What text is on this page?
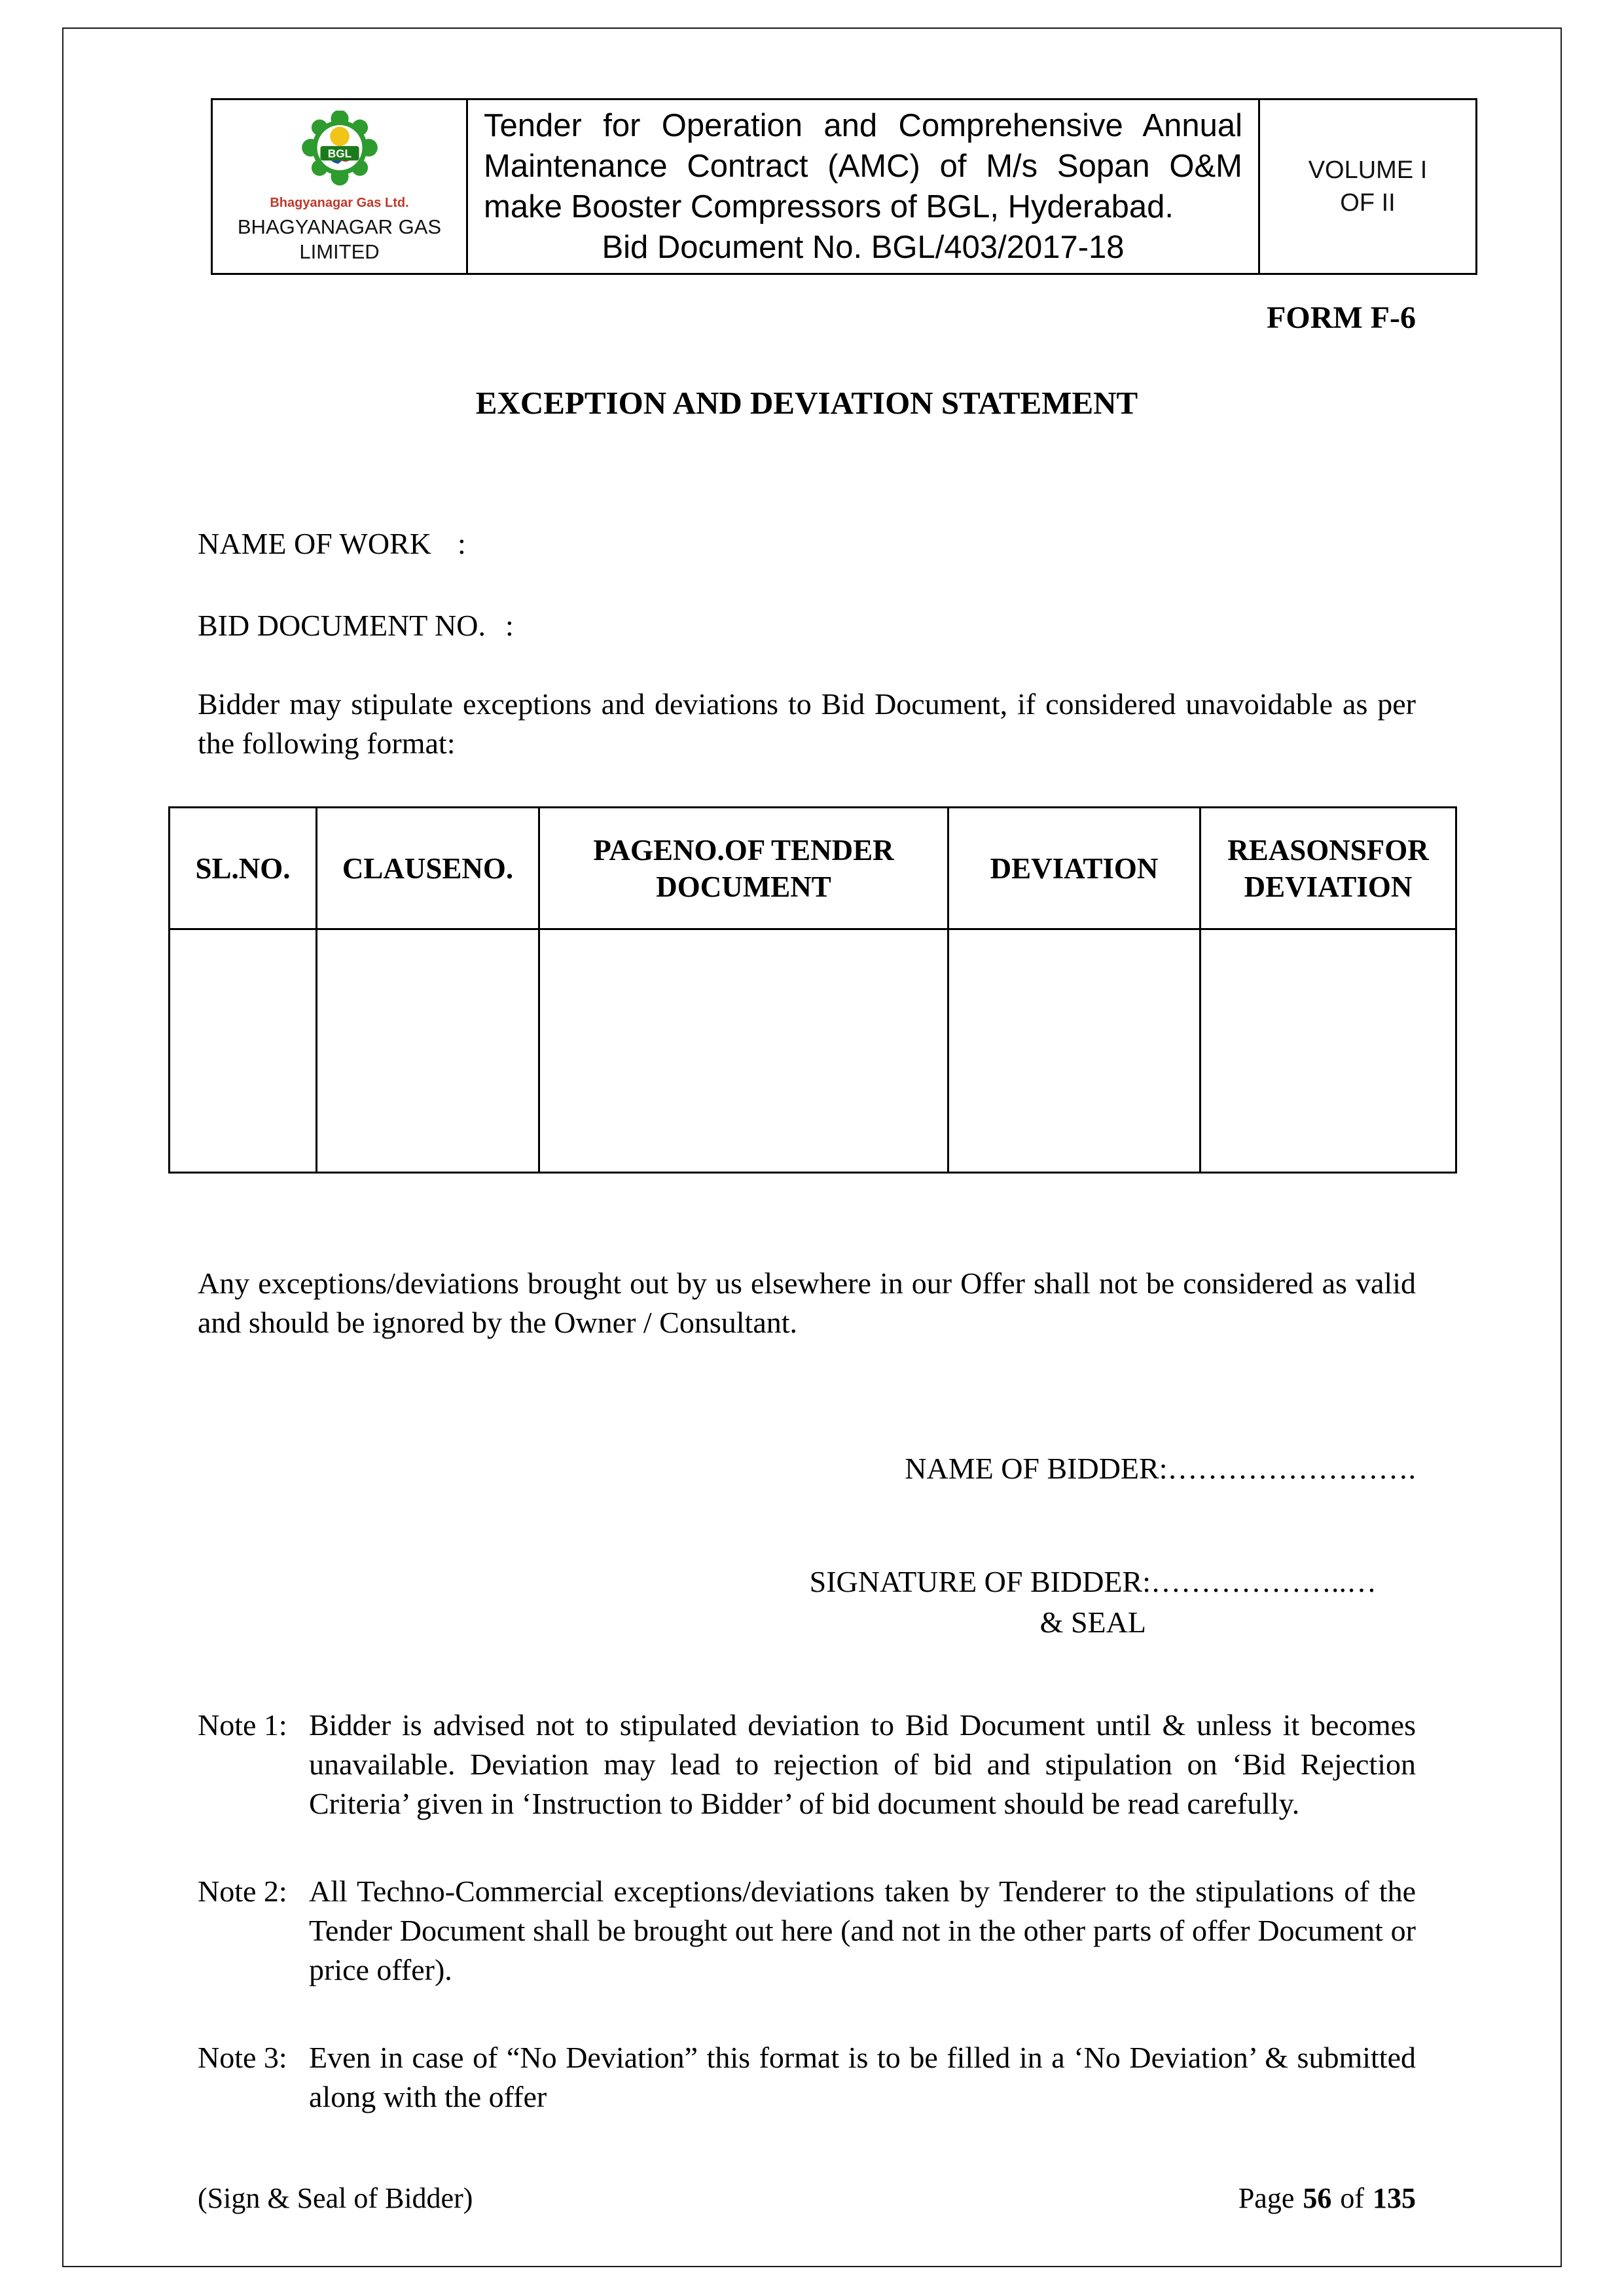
BGL
Bhagyanagar Gas Ltd.
BHAGYANAGAR GAS LIMITED

Tender for Operation and Comprehensive Annual Maintenance Contract (AMC) of M/s Sopan O&M make Booster Compressors of BGL, Hyderabad.
Bid Document No. BGL/403/2017-18

VOLUME I
OF II
FORM F-6
EXCEPTION AND DEVIATION STATEMENT
NAME OF WORK :
BID DOCUMENT NO. :
Bidder may stipulate exceptions and deviations to Bid Document, if considered unavoidable as per the following format:
SL.NO.	CLAUSENO.	PAGENO.OF TENDER DOCUMENT	DEVIATION	REASONSFOR DEVIATION

Any exceptions/deviations brought out by us elsewhere in our Offer shall not be considered as valid and should be ignored by the Owner / Consultant.
NAME OF BIDDER:…………………….
SIGNATURE OF BIDDER:………………..…
& SEAL
Note 1: Bidder is advised not to stipulated deviation to Bid Document until & unless it becomes unavailable. Deviation may lead to rejection of bid and stipulation on ‘Bid Rejection Criteria’ given in ‘Instruction to Bidder’ of bid document should be read carefully.
Note 2: All Techno-Commercial exceptions/deviations taken by Tenderer to the stipulations of the Tender Document shall be brought out here (and not in the other parts of offer Document or price offer).
Note 3: Even in case of “No Deviation” this format is to be filled in a ‘No Deviation’ & submitted along with the offer
(Sign & Seal of Bidder)	Page 56 of 135
